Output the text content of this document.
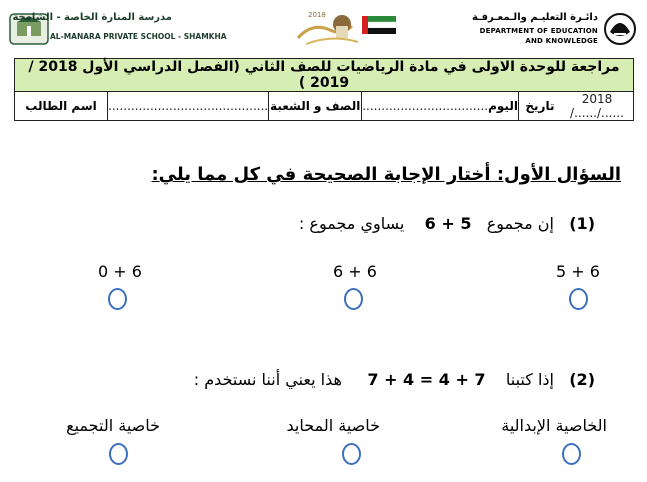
مدرسة المنارة الخاصة - الشامخة
AL-MANARA PRIVATE SCHOOL - SHAMKHA
2018	دائـرة التعليـم والـمعـرفـة
DEPARTMENT OF EDUCATION
AND KNOWLEDGE
مراجعة للوحدة الاولى في مادة الرياضيات للصف الثاني (الفصل الدراسي الأول 2018 / 2019 )
اسم الطالب	..........................................	الصف و الشعبة	...............	اليوم..................	تاريخ	2018 /....../......
السؤال الأول: أختار الإجابة الصحيحة في كل مما يلي:
(1)   إن مجموع   6 + 5    يساوي مجموع :
5 + 6
6 + 6
0 + 6
(2)   إذا كتبنا    7 + 4 = 4 + 7     هذا يعني أننا نستخدم :
الخاصية الإبدالية
خاصية المحايد
خاصية التجميع
